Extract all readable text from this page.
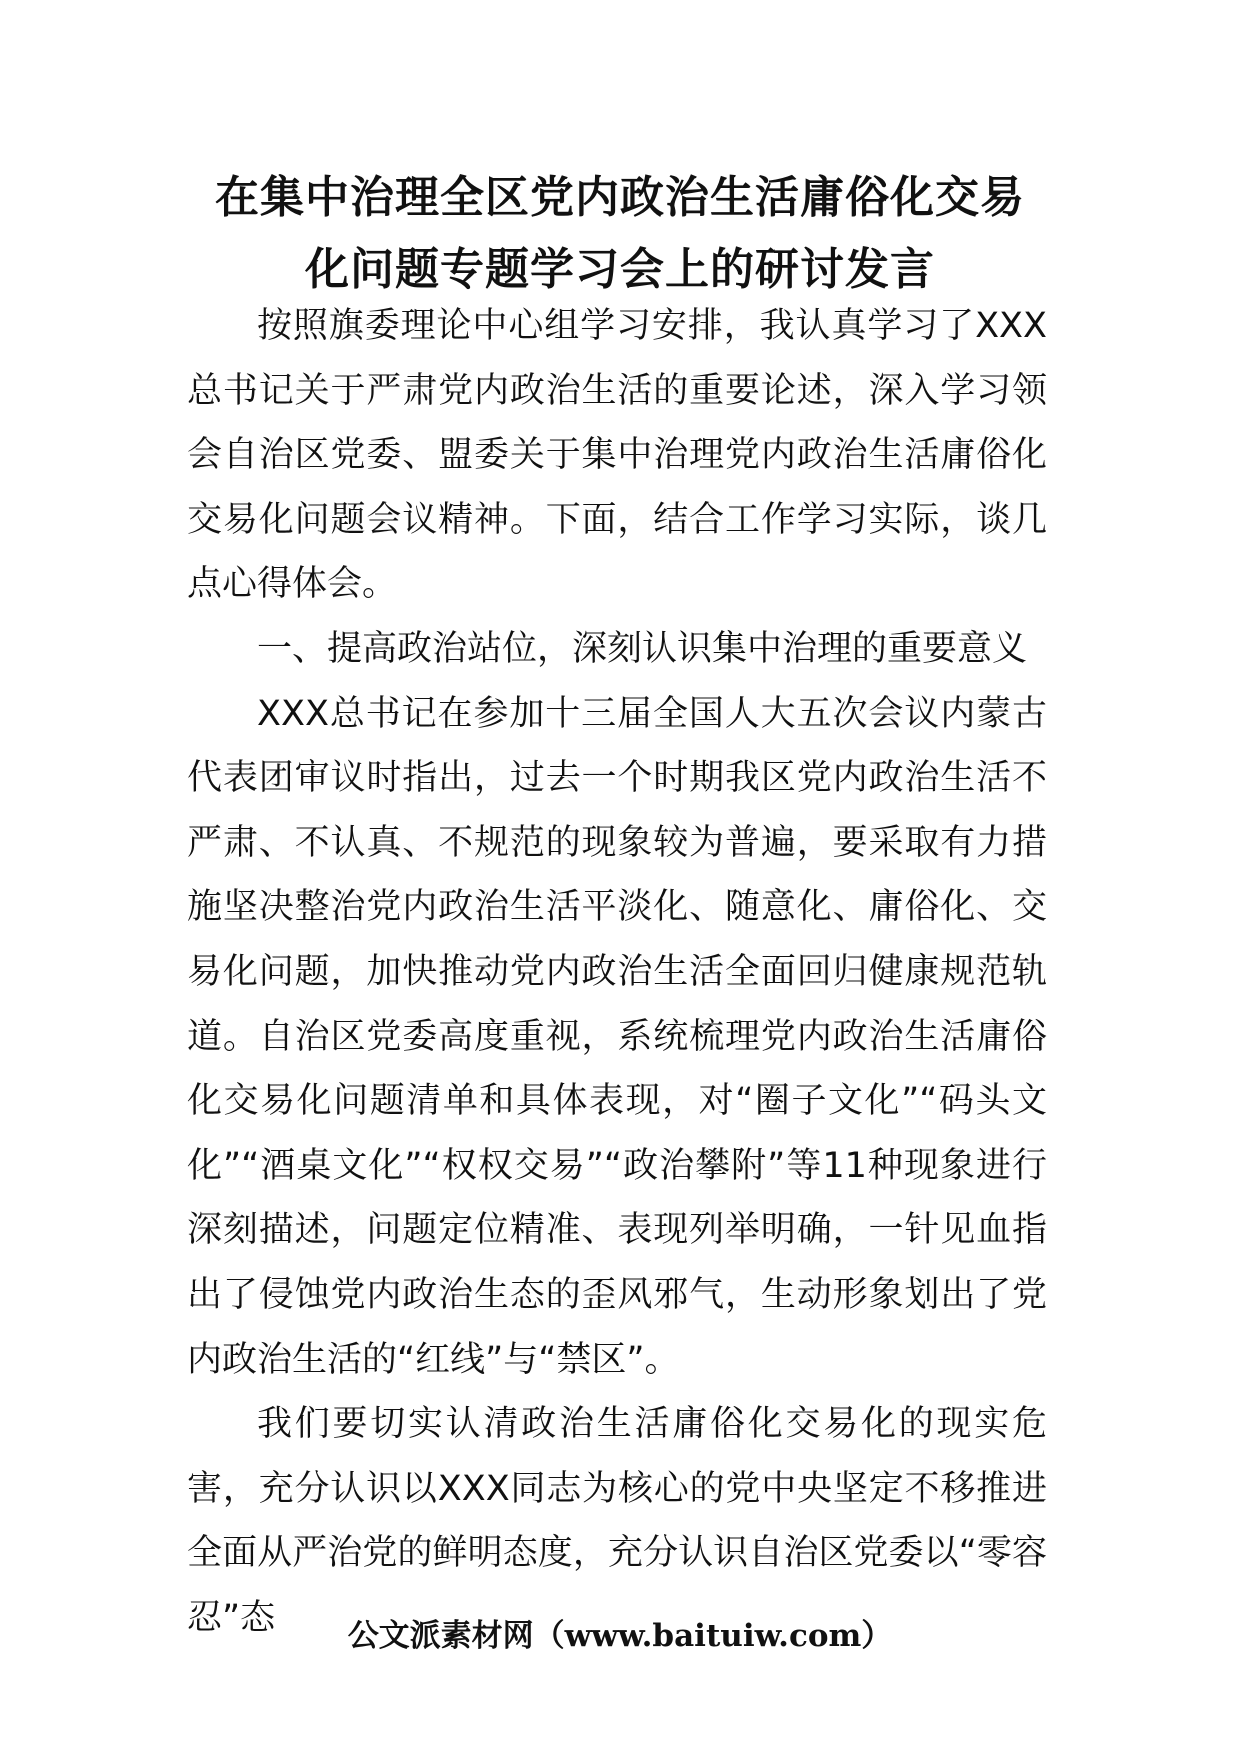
在集中治理全区党内政治生活庸俗化交易
化问题专题学习会上的研讨发言

按照旗委理论中心组学习安排，我认真学习了XXX总书记关于严肃党内政治生活的重要论述，深入学习领会自治区党委、盟委关于集中治理党内政治生活庸俗化交易化问题会议精神。下面，结合工作学习实际，谈几点心得体会。

一、提高政治站位，深刻认识集中治理的重要意义

XXX总书记在参加十三届全国人大五次会议内蒙古代表团审议时指出，过去一个时期我区党内政治生活不严肃、不认真、不规范的现象较为普遍，要采取有力措施坚决整治党内政治生活平淡化、随意化、庸俗化、交易化问题，加快推动党内政治生活全面回归健康规范轨道。自治区党委高度重视，系统梳理党内政治生活庸俗化交易化问题清单和具体表现，对“圈子文化”“码头文化”“酒桌文化”“权权交易”“政治攀附”等11种现象进行深刻描述，问题定位精准、表现列举明确，一针见血指出了侵蚀党内政治生态的歪风邪气，生动形象划出了党内政治生活的“红线”与“禁区”。

我们要切实认清政治生活庸俗化交易化的现实危害，充分认识以XXX同志为核心的党中央坚定不移推进全面从严治党的鲜明态度，充分认识自治区党委以“零容忍”态	公文派素材网（www.baituiw.com）
